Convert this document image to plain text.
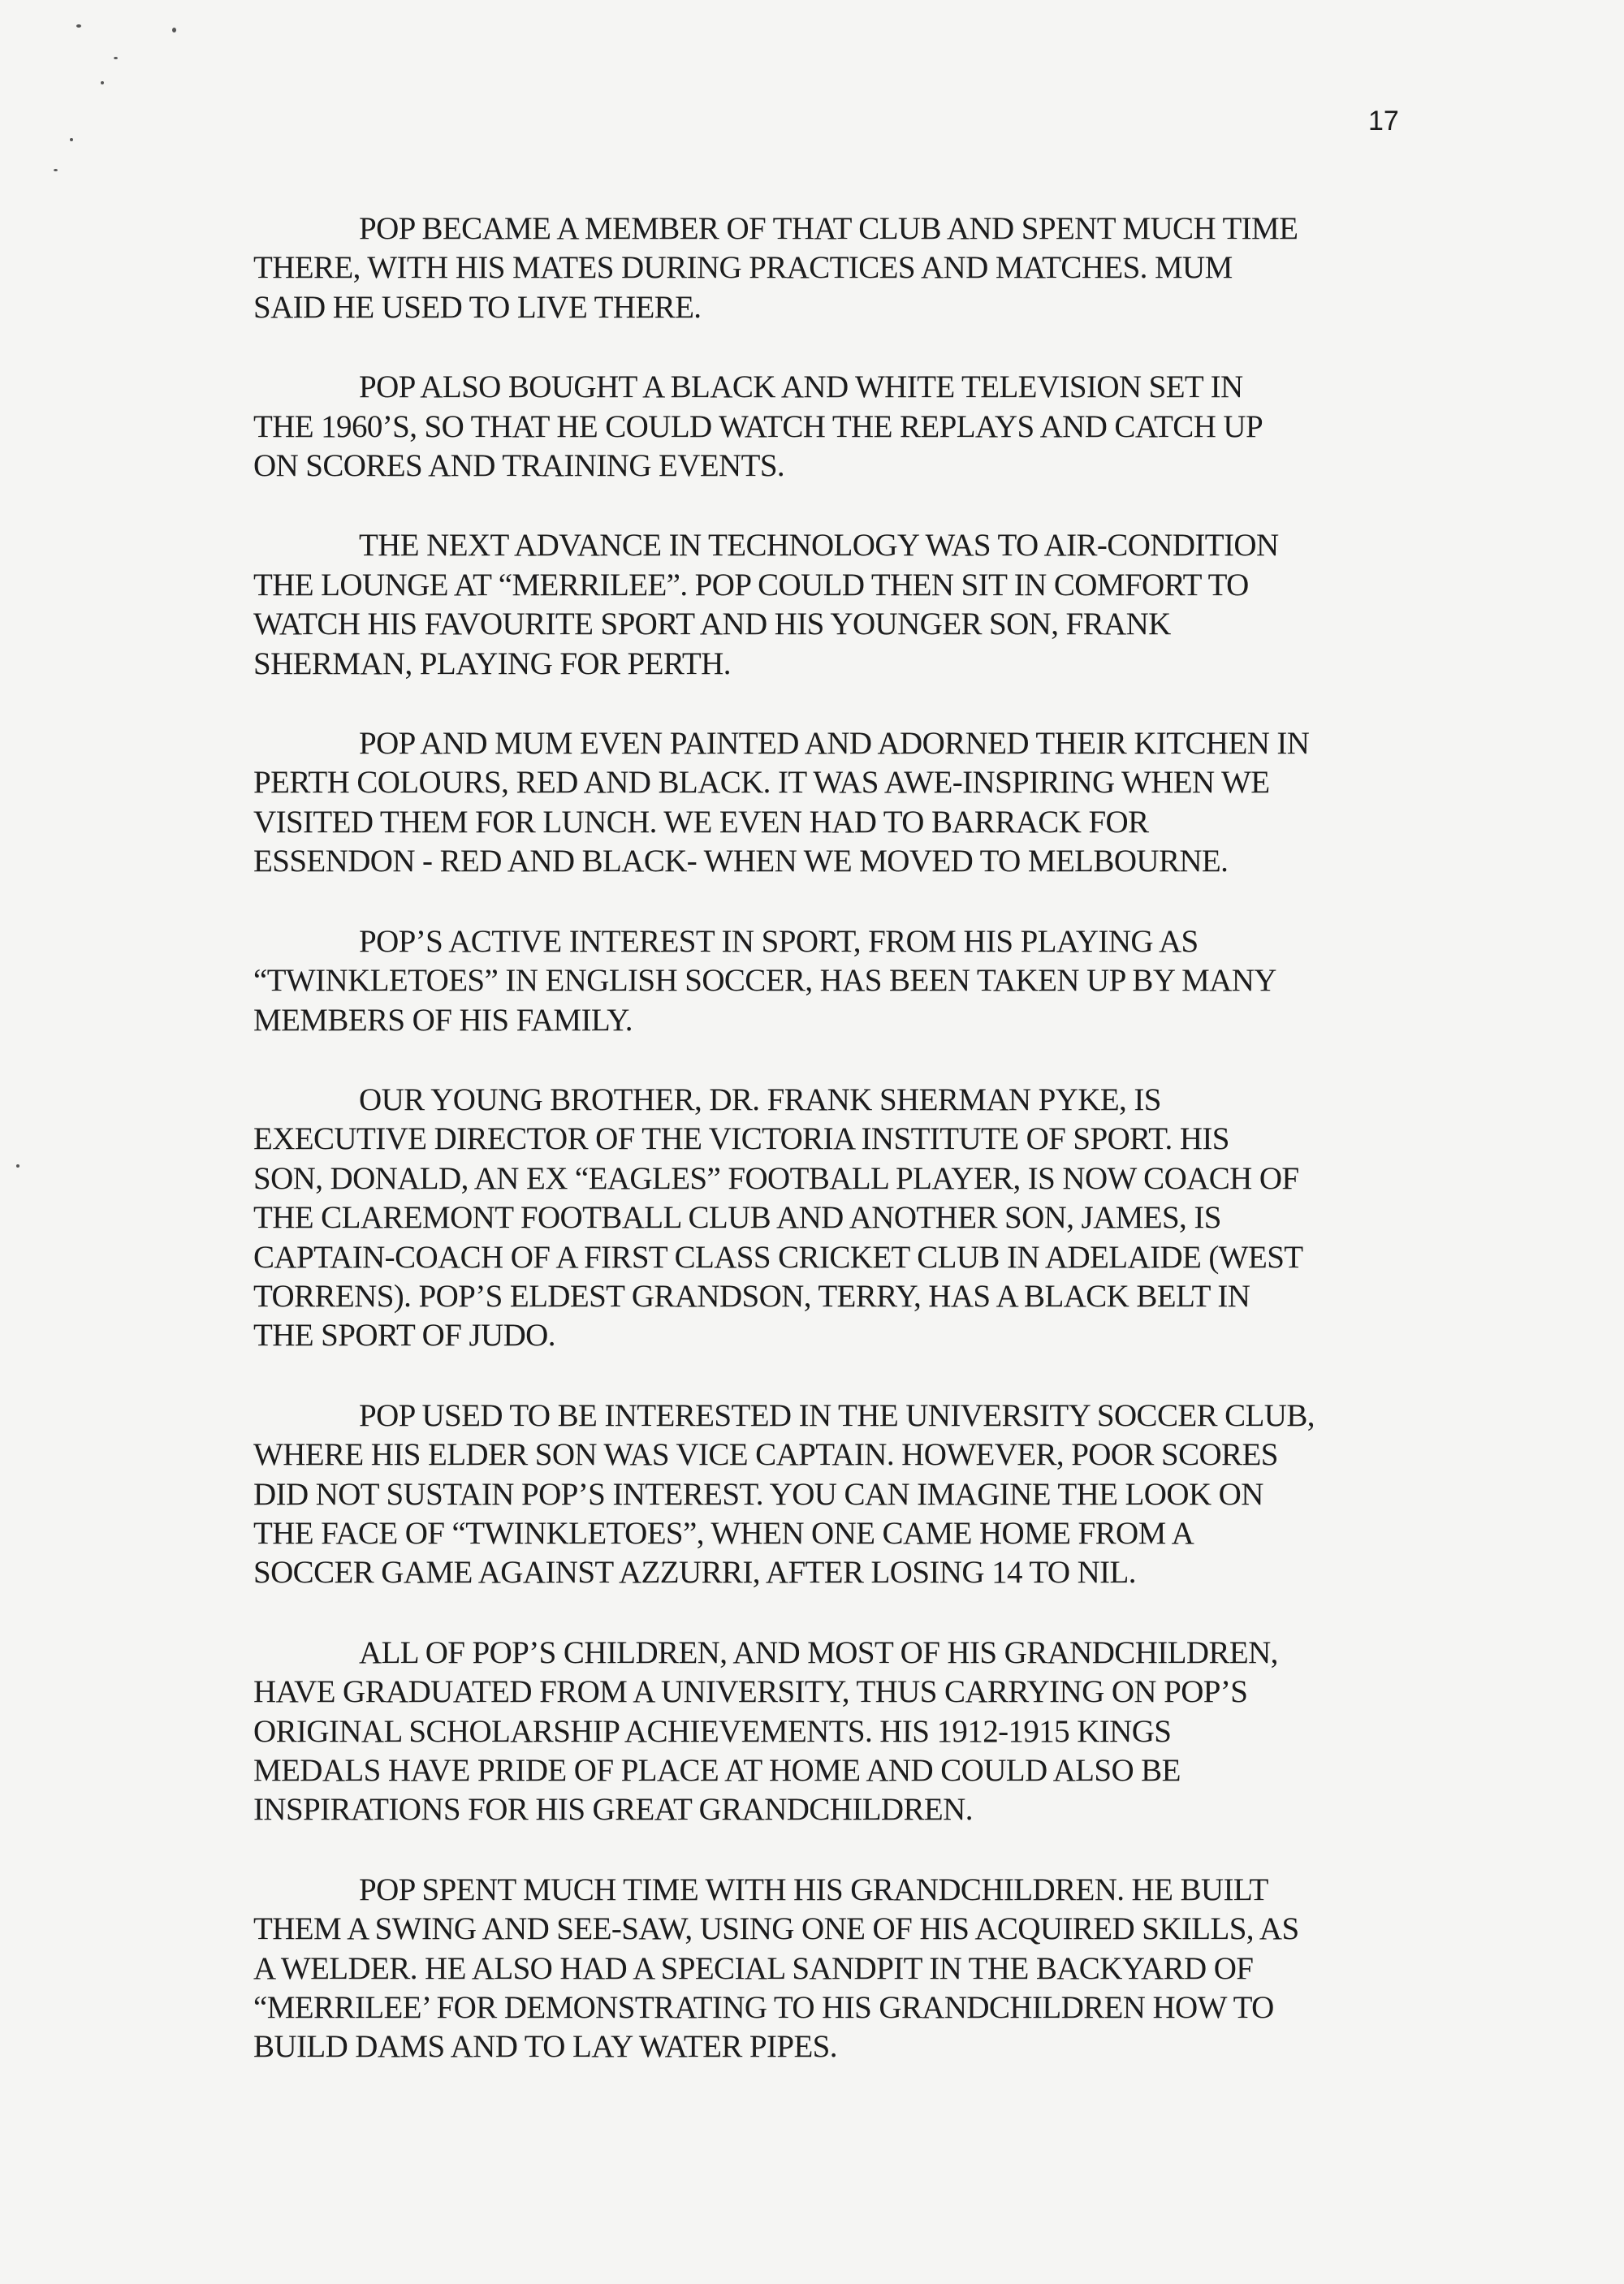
17

POP BECAME A MEMBER OF THAT CLUB AND SPENT MUCH TIME
THERE, WITH HIS MATES DURING PRACTICES AND MATCHES. MUM
SAID HE USED TO LIVE THERE.

POP ALSO BOUGHT A BLACK AND WHITE TELEVISION SET IN
THE 1960’S, SO THAT HE COULD WATCH THE REPLAYS AND CATCH UP
ON SCORES AND TRAINING EVENTS.

THE NEXT ADVANCE IN TECHNOLOGY WAS TO AIR-CONDITION
THE LOUNGE AT “MERRILEE”. POP COULD THEN SIT IN COMFORT TO
WATCH HIS FAVOURITE SPORT AND HIS YOUNGER SON, FRANK
SHERMAN, PLAYING FOR PERTH.

POP AND MUM EVEN PAINTED AND ADORNED THEIR KITCHEN IN
PERTH COLOURS, RED AND BLACK. IT WAS AWE-INSPIRING WHEN WE
VISITED THEM FOR LUNCH. WE EVEN HAD TO BARRACK FOR
ESSENDON - RED AND BLACK- WHEN WE MOVED TO MELBOURNE.

POP’S ACTIVE INTEREST IN SPORT, FROM HIS PLAYING AS
“TWINKLETOES” IN ENGLISH SOCCER, HAS BEEN TAKEN UP BY MANY
MEMBERS OF HIS FAMILY.

OUR YOUNG BROTHER, DR. FRANK SHERMAN PYKE, IS
EXECUTIVE DIRECTOR OF THE VICTORIA INSTITUTE OF SPORT. HIS
SON, DONALD, AN EX “EAGLES” FOOTBALL PLAYER, IS NOW COACH OF
THE CLAREMONT FOOTBALL CLUB AND ANOTHER SON, JAMES, IS
CAPTAIN-COACH OF A FIRST CLASS CRICKET CLUB IN ADELAIDE (WEST
TORRENS). POP’S ELDEST GRANDSON, TERRY, HAS A BLACK BELT IN
THE SPORT OF JUDO.

POP USED TO BE INTERESTED IN THE UNIVERSITY SOCCER CLUB,
WHERE HIS ELDER SON WAS VICE CAPTAIN. HOWEVER, POOR SCORES
DID NOT SUSTAIN POP’S INTEREST. YOU CAN IMAGINE THE LOOK ON
THE FACE OF “TWINKLETOES”, WHEN ONE CAME HOME FROM A
SOCCER GAME AGAINST AZZURRI, AFTER LOSING 14 TO NIL.

ALL OF POP’S CHILDREN, AND MOST OF HIS GRANDCHILDREN,
HAVE GRADUATED FROM A UNIVERSITY, THUS CARRYING ON POP’S
ORIGINAL SCHOLARSHIP ACHIEVEMENTS. HIS 1912-1915 KINGS
MEDALS HAVE PRIDE OF PLACE AT HOME AND COULD ALSO BE
INSPIRATIONS FOR HIS GREAT GRANDCHILDREN.

POP SPENT MUCH TIME WITH HIS GRANDCHILDREN. HE BUILT
THEM A SWING AND SEE-SAW, USING ONE OF HIS ACQUIRED SKILLS, AS
A WELDER. HE ALSO HAD A SPECIAL SANDPIT IN THE BACKYARD OF
“MERRILEE’ FOR DEMONSTRATING TO HIS GRANDCHILDREN HOW TO
BUILD DAMS AND TO LAY WATER PIPES.
